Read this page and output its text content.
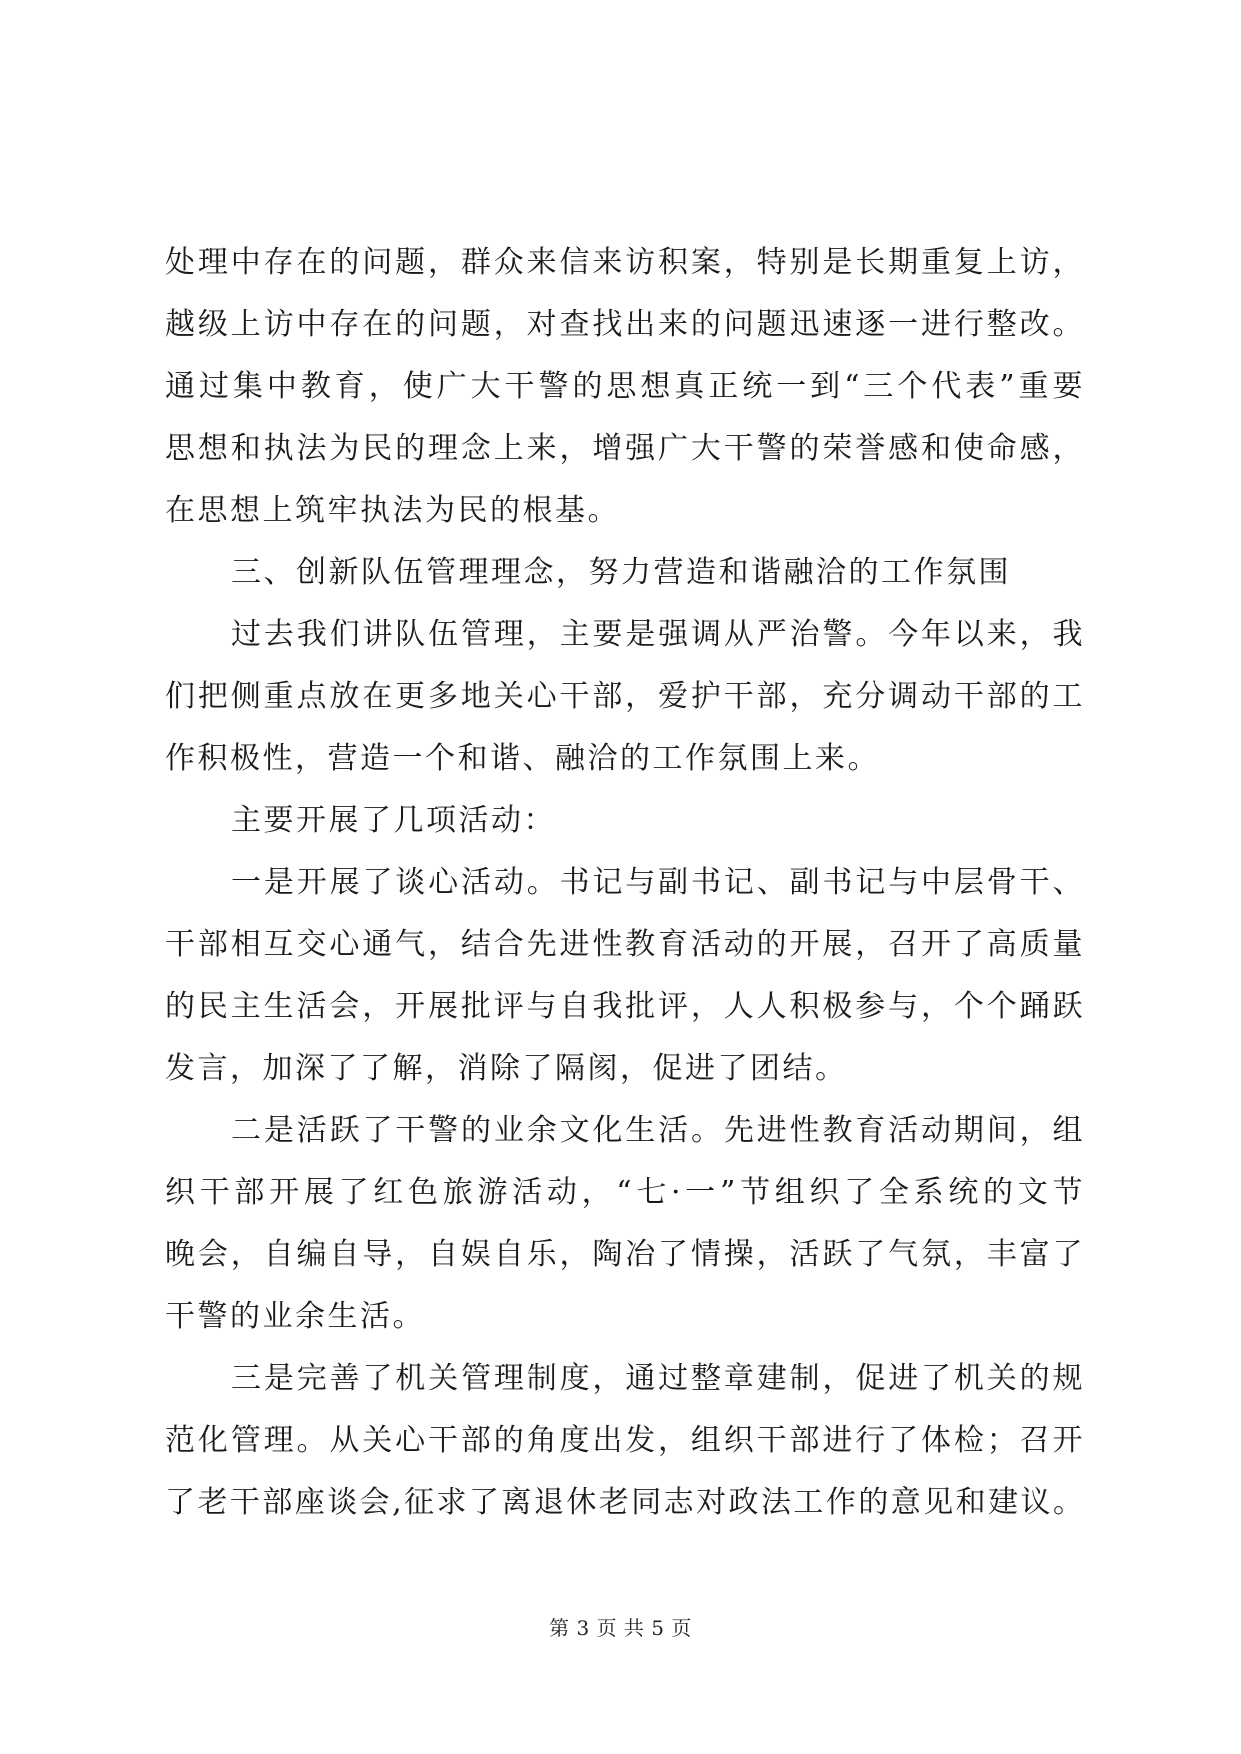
处理中存在的问题，群众来信来访积案，特别是长期重复上访，
越级上访中存在的问题，对查找出来的问题迅速逐一进行整改。
通过集中教育，使广大干警的思想真正统一到“三个代表”重要
思想和执法为民的理念上来，增强广大干警的荣誉感和使命感，
在思想上筑牢执法为民的根基。
三、创新队伍管理理念，努力营造和谐融洽的工作氛围
过去我们讲队伍管理，主要是强调从严治警。今年以来，我
们把侧重点放在更多地关心干部，爱护干部，充分调动干部的工
作积极性，营造一个和谐、融洽的工作氛围上来。
主要开展了几项活动：
一是开展了谈心活动。书记与副书记、副书记与中层骨干、
干部相互交心通气，结合先进性教育活动的开展，召开了高质量
的民主生活会，开展批评与自我批评，人人积极参与，个个踊跃
发言，加深了了解，消除了隔阂，促进了团结。
二是活跃了干警的业余文化生活。先进性教育活动期间，组
织干部开展了红色旅游活动，“七·一”节组织了全系统的文节
晚会，自编自导，自娱自乐，陶冶了情操，活跃了气氛，丰富了
干警的业余生活。
三是完善了机关管理制度，通过整章建制，促进了机关的规
范化管理。从关心干部的角度出发，组织干部进行了体检；召开
了老干部座谈会,征求了离退休老同志对政法工作的意见和建议。
第 3 页 共 5 页
